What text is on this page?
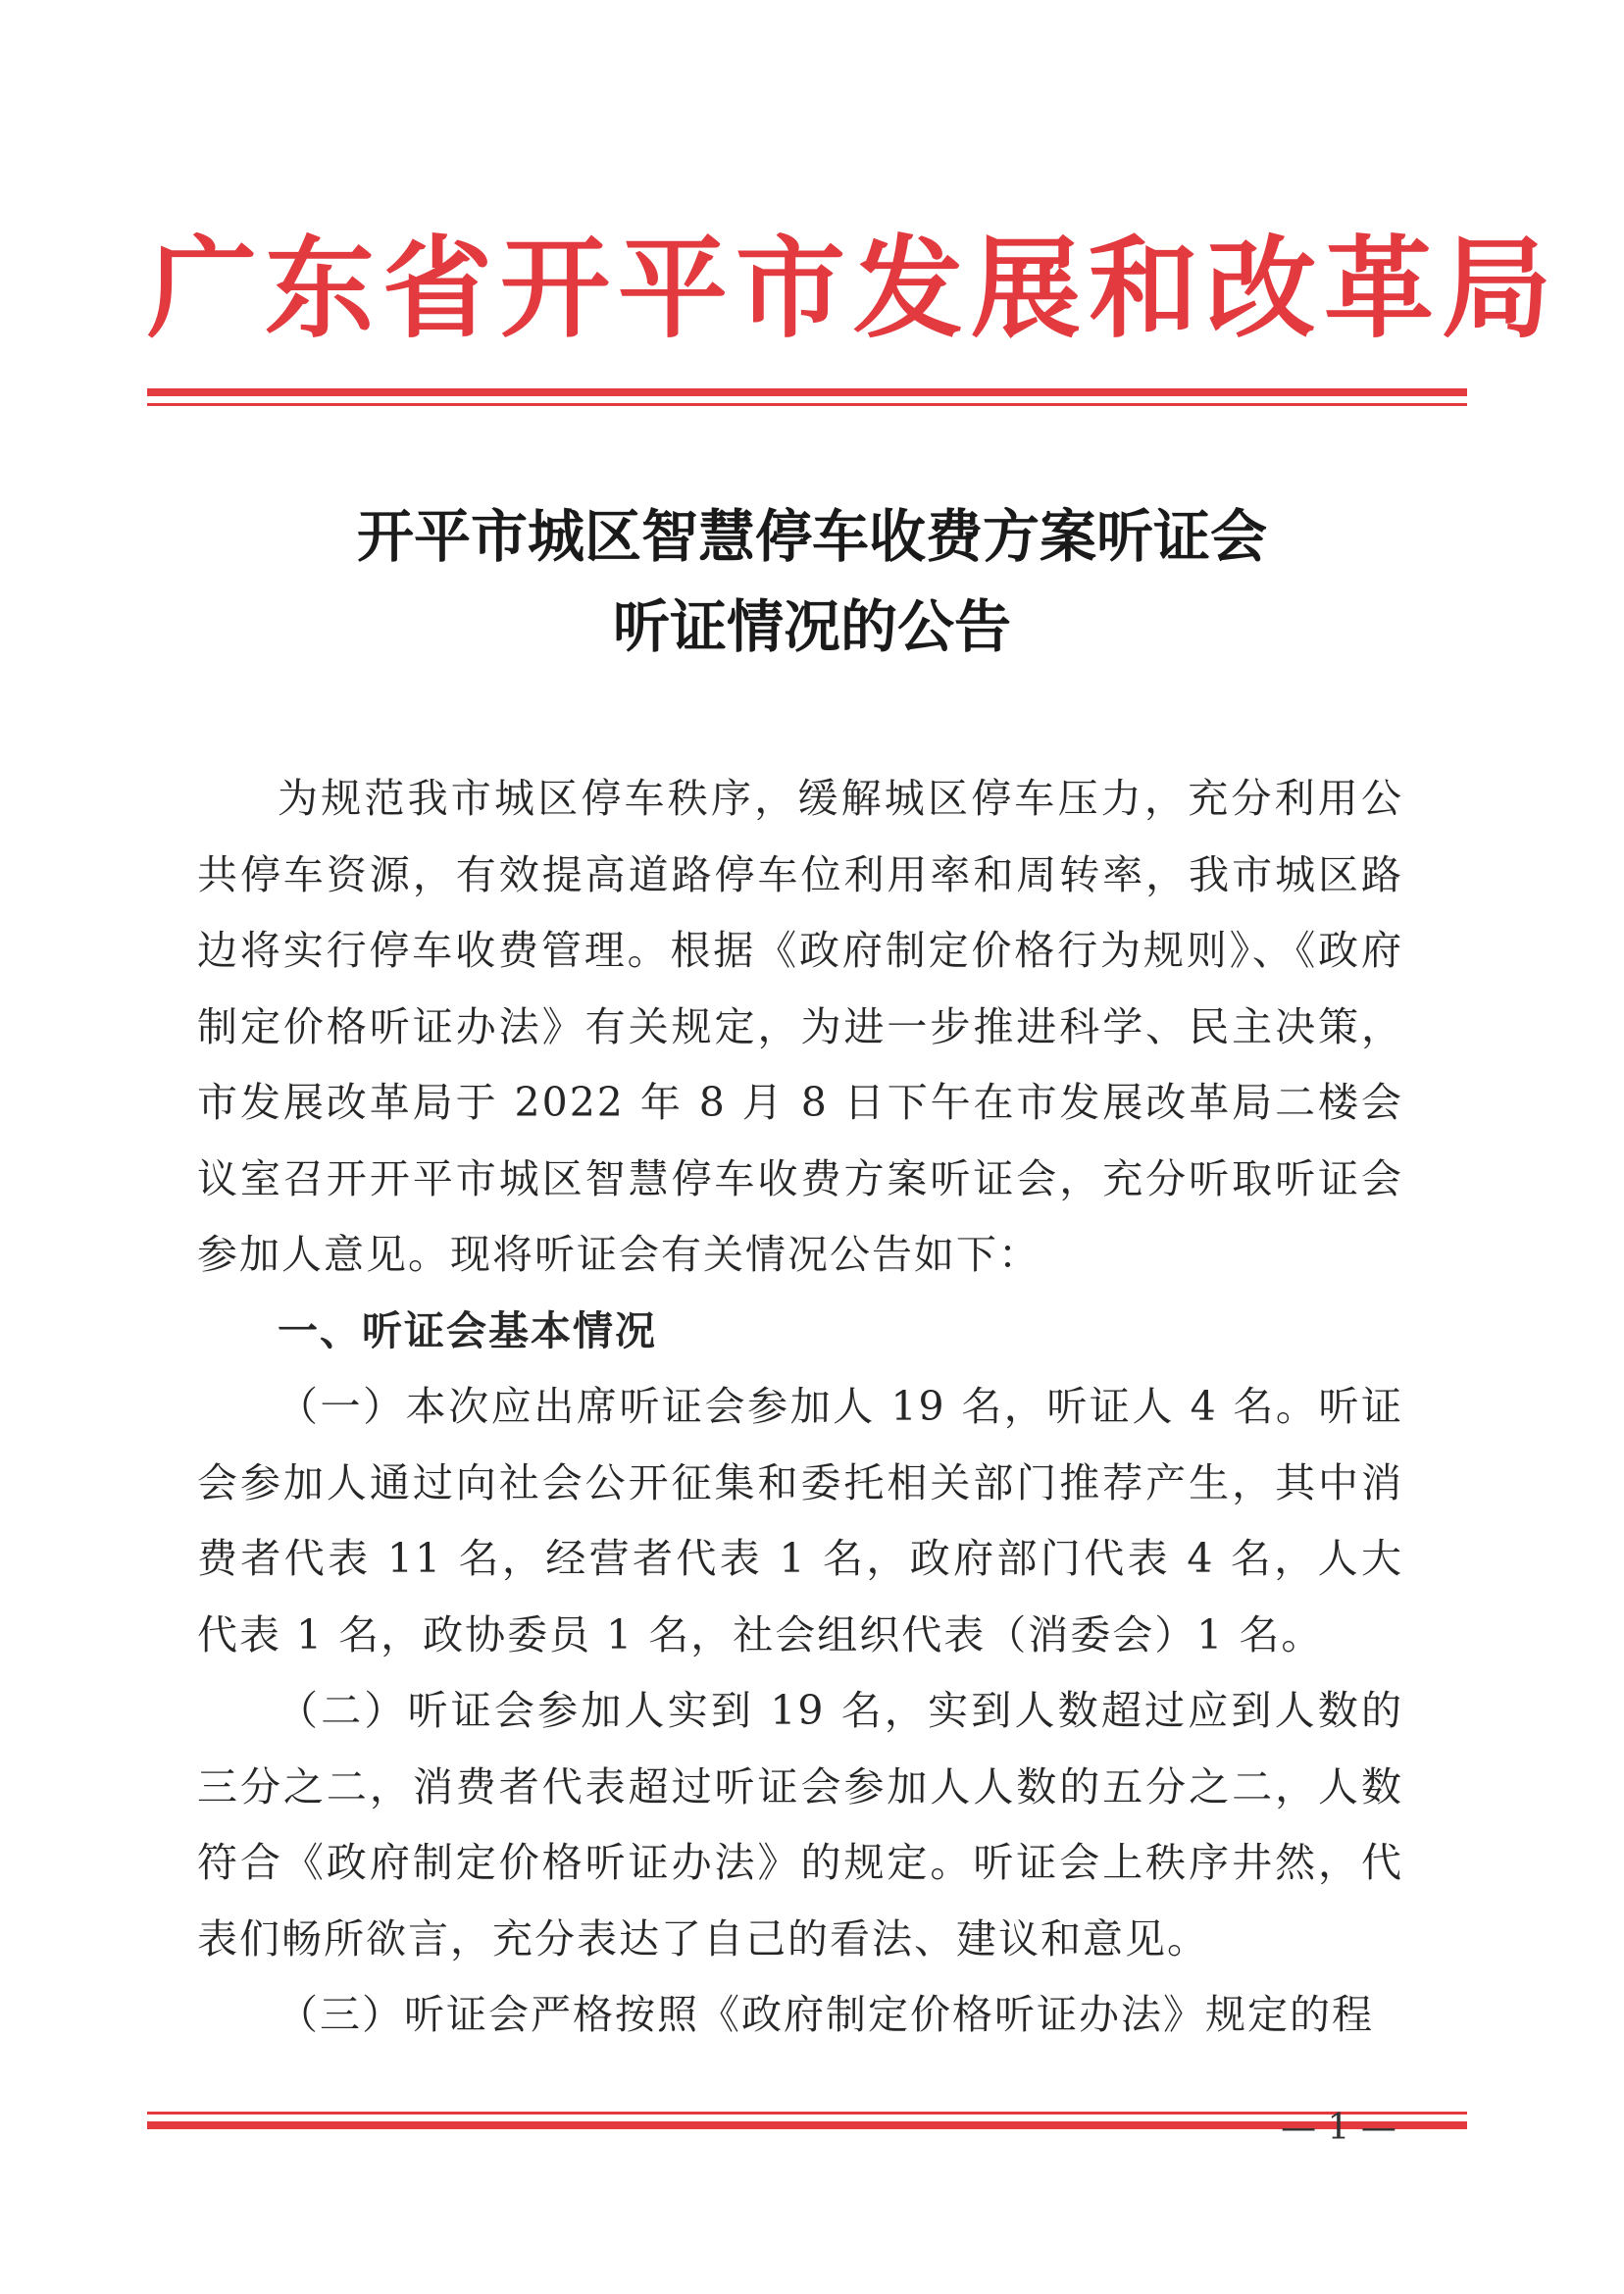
广东省开平市发展和改革局
开平市城区智慧停车收费方案听证会
听证情况的公告

为规范我市城区停车秩序，缓解城区停车压力，充分利用公共停车资源，有效提高道路停车位利用率和周转率，我市城区路边将实行停车收费管理。根据《政府制定价格行为规则》、《政府制定价格听证办法》有关规定，为进一步推进科学、民主决策，市发展改革局于 2022 年 8 月 8 日下午在市发展改革局二楼会议室召开开平市城区智慧停车收费方案听证会，充分听取听证会参加人意见。现将听证会有关情况公告如下：

一、听证会基本情况

（一）本次应出席听证会参加人 19 名，听证人 4 名。听证会参加人通过向社会公开征集和委托相关部门推荐产生，其中消费者代表 11 名，经营者代表 1 名，政府部门代表 4 名，人大代表 1 名，政协委员 1 名，社会组织代表（消委会）1 名。

（二）听证会参加人实到 19 名，实到人数超过应到人数的三分之二，消费者代表超过听证会参加人人数的五分之二，人数符合《政府制定价格听证办法》的规定。听证会上秩序井然，代表们畅所欲言，充分表达了自己的看法、建议和意见。

（三）听证会严格按照《政府制定价格听证办法》规定的程

— 1 —
